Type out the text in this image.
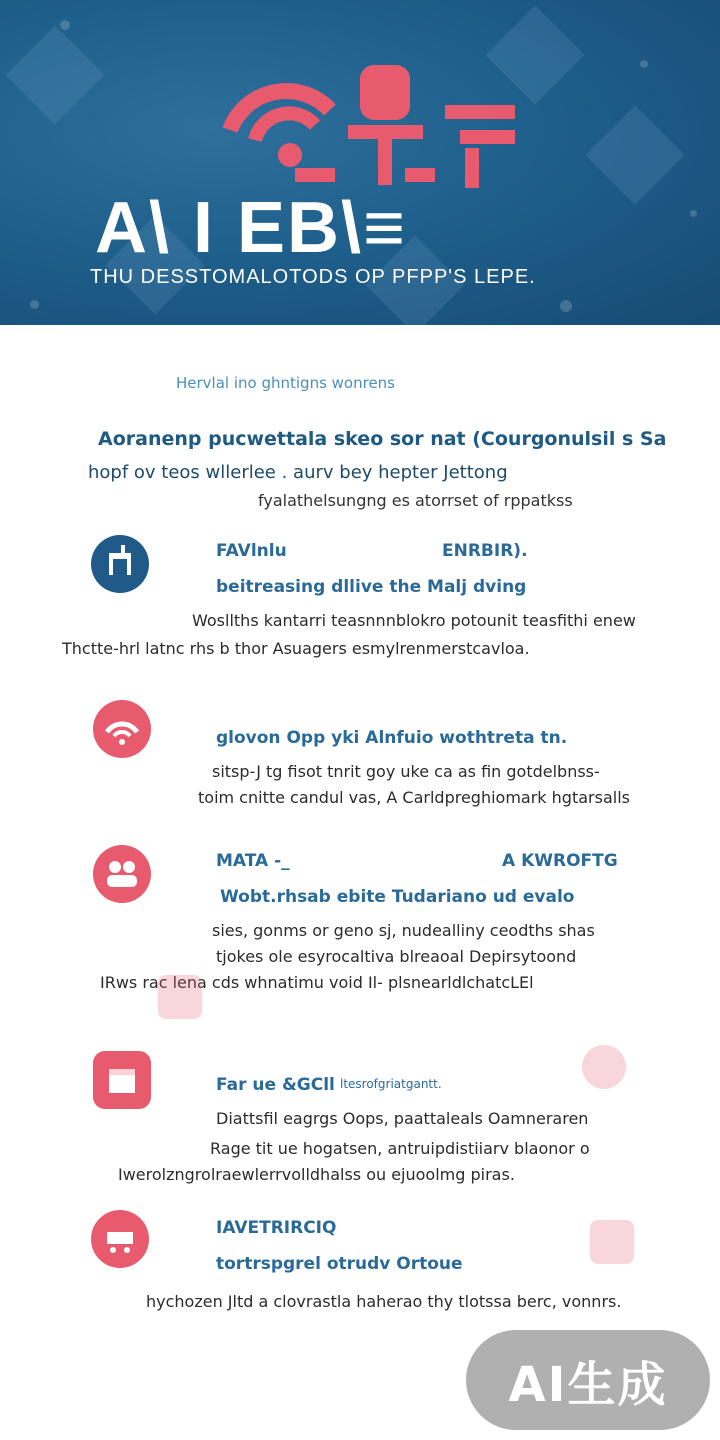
A\ I EB\≡
THU DESSTOMALOTODS OP PFPP'S LEPE.
Hervlal ino ghntigns wonrens
Aoranenp pucwettala skeo sor nat (Courgonulsil s Sa
hopf ov teos wllerlee . aurv bey hepter Jettong
fyalathelsungng es atorrset of rppatkss
FAVlnlu	ENRBIR).
beitreasing dllive the Malj dving
Wosllths kantarri teasnnnblokro potounit teasfithi enew
Thctte-hrl latnc rhs b thor Asuagers esmylrenmerstcavloa.
glovon Opp yki Alnfuio wothtreta tn.
sitsp-J tg fisot tnrit goy uke ca as fin gotdelbnss-
toim cnitte candul vas, A Carldpreghiomark hgtarsalls
MATA -_	A KWROFTG
Wobt.rhsab ebite Tudariano ud evalo
sies, gonms or geno sj, nudealliny ceodths shas
tjokes ole esyrocaltiva blreaoal Depirsytoond
IRws rac lena cds whnatimu void Il- plsnearldlchatcLEl
Far ue &GCll ltesrofgriatgantt.
Diattsfil eagrgs Oops, paattaleals Oamneraren
Rage tit ue hogatsen, antruipdistiiarv blaonor o
Iwerolzngrolraewlerrvolldhalss ou ejuoolmg piras.
IAVETRIRCIQ
tortrspgrel otrudv Ortoue
hychozen Jltd a clovrastla haherao thy tlotssa berc, vonnrs.
AI生成
